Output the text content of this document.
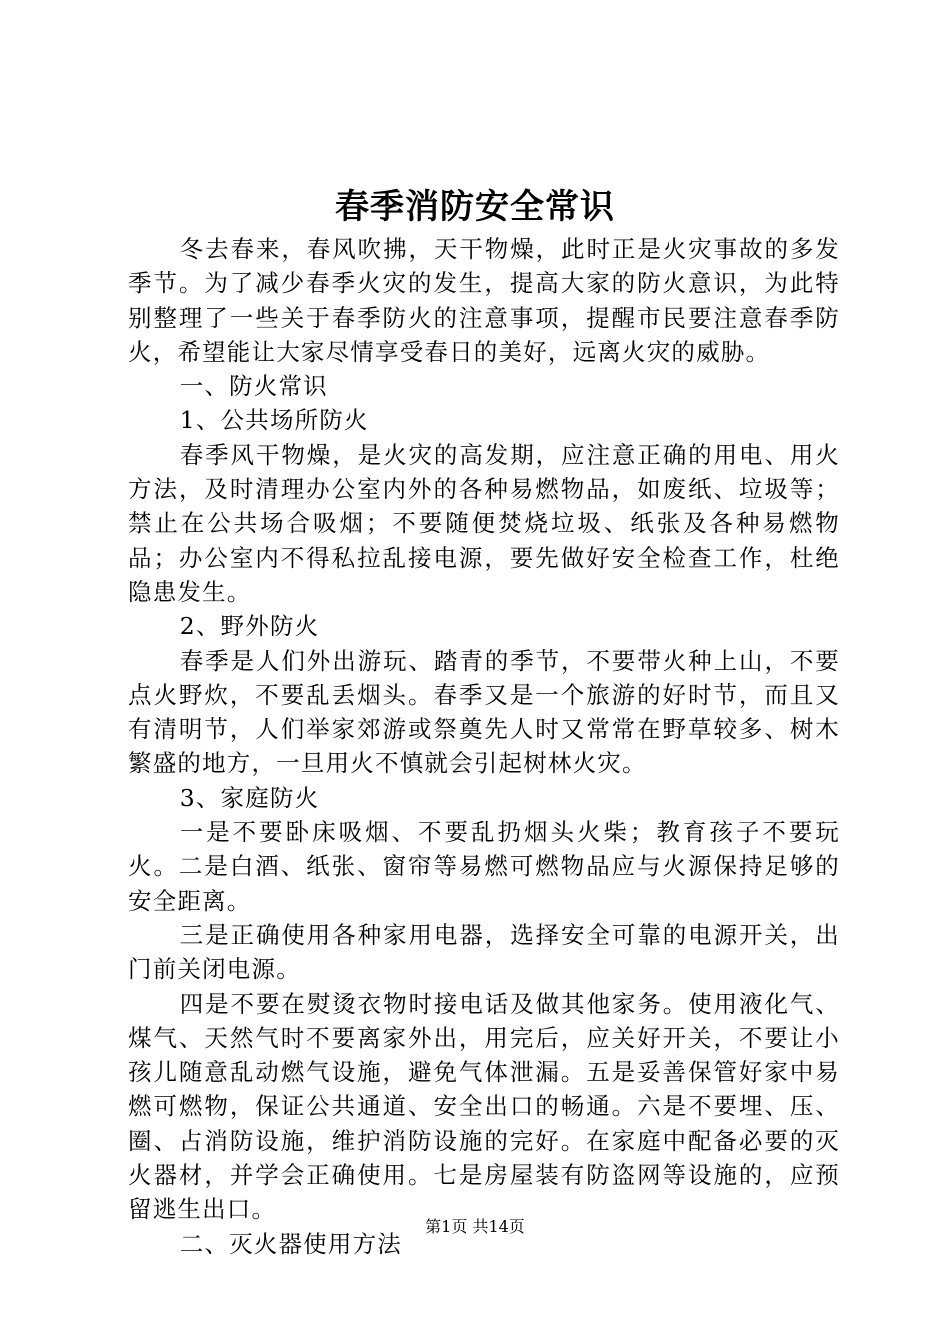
春季消防安全常识

冬去春来，春风吹拂，天干物燥，此时正是火灾事故的多发季节。为了减少春季火灾的发生，提高大家的防火意识，为此特别整理了一些关于春季防火的注意事项，提醒市民要注意春季防火，希望能让大家尽情享受春日的美好，远离火灾的威胁。

一、防火常识

1、公共场所防火

春季风干物燥，是火灾的高发期，应注意正确的用电、用火方法，及时清理办公室内外的各种易燃物品，如废纸、垃圾等；禁止在公共场合吸烟；不要随便焚烧垃圾、纸张及各种易燃物品；办公室内不得私拉乱接电源，要先做好安全检查工作，杜绝隐患发生。

2、野外防火

春季是人们外出游玩、踏青的季节，不要带火种上山，不要点火野炊，不要乱丢烟头。春季又是一个旅游的好时节，而且又有清明节，人们举家郊游或祭奠先人时又常常在野草较多、树木繁盛的地方，一旦用火不慎就会引起树林火灾。

3、家庭防火

一是不要卧床吸烟、不要乱扔烟头火柴；教育孩子不要玩火。二是白酒、纸张、窗帘等易燃可燃物品应与火源保持足够的安全距离。

三是正确使用各种家用电器，选择安全可靠的电源开关，出门前关闭电源。

四是不要在熨烫衣物时接电话及做其他家务。使用液化气、煤气、天然气时不要离家外出，用完后，应关好开关，不要让小孩儿随意乱动燃气设施，避免气体泄漏。五是妥善保管好家中易燃可燃物，保证公共通道、安全出口的畅通。六是不要埋、压、圈、占消防设施，维护消防设施的完好。在家庭中配备必要的灭火器材，并学会正确使用。七是房屋装有防盗网等设施的，应预留逃生出口。

二、灭火器使用方法

第1页 共14页
